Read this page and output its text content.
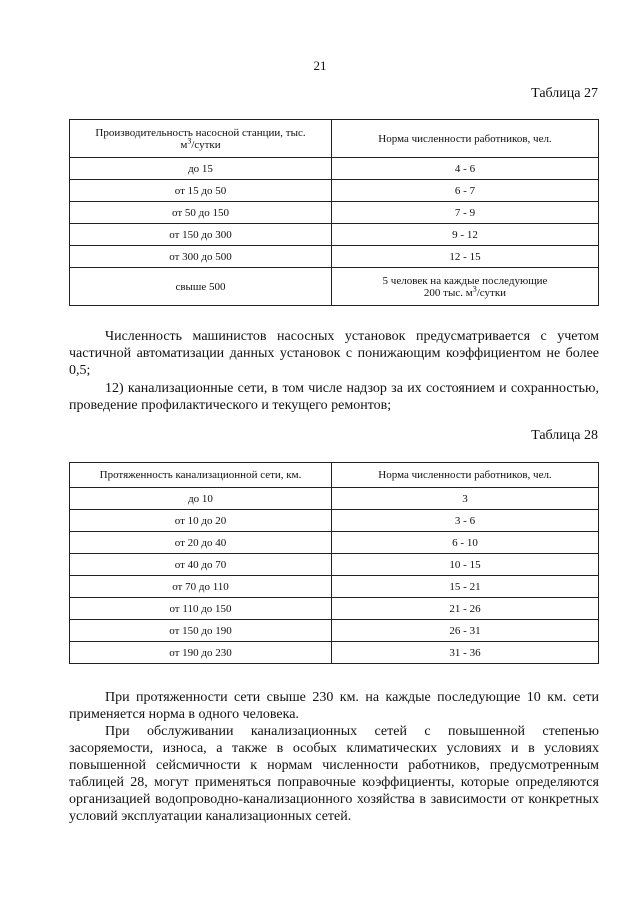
21
Таблица 27
Производительность насосной станции, тыс.
$м^3$/сутки	Норма численности работников, чел.
до 15	4 - 6
от 15 до 50	6 - 7
от 50 до 150	7 - 9
от 150 до 300	9 - 12
от 300 до 500	12 - 15
свыше 500	5 человек на каждые последующие
200 тыс. $м^3$/сутки

Численность машинистов насосных установок предусматривается с учетом частичной автоматизации данных установок с понижающим коэффициентом не более 0,5;

12) канализационные сети, в том числе надзор за их состоянием и сохранностью, проведение профилактического и текущего ремонтов;

Таблица 28
Протяженность канализационной сети, км.	Норма численности работников, чел.
до 10	3
от 10 до 20	3 - 6
от 20 до 40	6 - 10
от 40 до 70	10 - 15
от 70 до 110	15 - 21
от 110 до 150	21 - 26
от 150 до 190	26 - 31
от 190 до 230	31 - 36

При протяженности сети свыше 230 км. на каждые последующие 10 км. сети применяется норма в одного человека.

При обслуживании канализационных сетей с повышенной степенью засоряемости, износа, а также в особых климатических условиях и в условиях повышенной сейсмичности к нормам численности работников, предусмотренным таблицей 28, могут применяться поправочные коэффициенты, которые определяются организацией водопроводно-канализационного хозяйства в зависимости от конкретных условий эксплуатации канализационных сетей.
